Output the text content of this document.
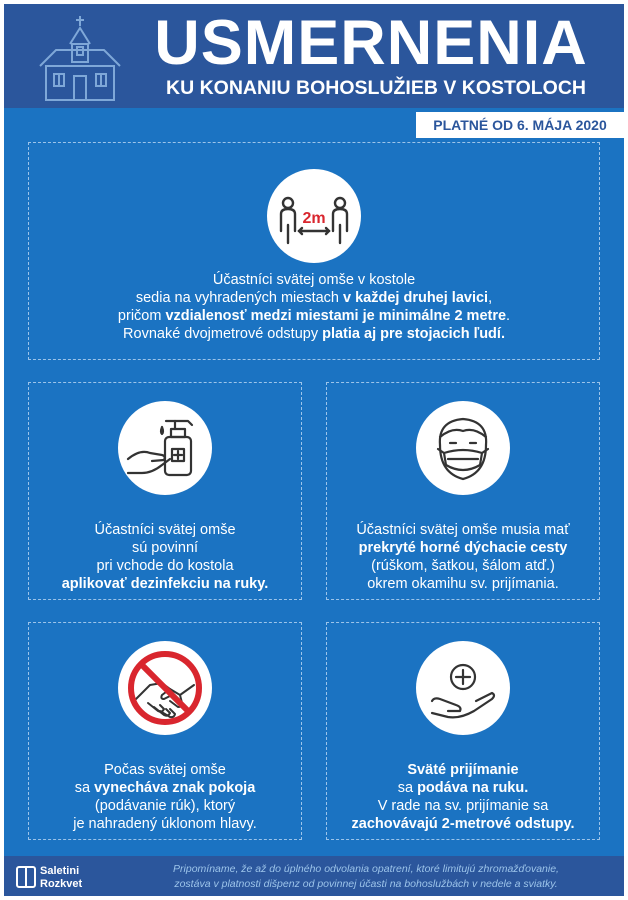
USMERNENIA
KU KONANIU BOHOSLUŽIEB V KOSTOLOCH
PLATNÉ OD 6. MÁJA 2020
2m
Účastníci svätej omše v kostole
sedia na vyhradených miestach v každej druhej lavici,
pričom vzdialenosť medzi miestami je minimálne 2 metre.
Rovnaké dvojmetrové odstupy platia aj pre stojacich ľudí.
Účastníci svätej omše
sú povinní
pri vchode do kostola
aplikovať dezinfekciu na ruky.
Účastníci svätej omše musia mať
prekryté horné dýchacie cesty
(rúškom, šatkou, šálom atď.)
okrem okamihu sv. prijímania.
Počas svätej omše
sa vynecháva znak pokoja
(podávanie rúk), ktorý
je nahradený úklonom hlavy.
Sväté prijímanie
sa podáva na ruku.
V rade na sv. prijímanie sa
zachovávajú 2-metrové odstupy.
Saletini
Rozkvet
Pripomíname, že až do úplného odvolania opatrení, ktoré limitujú zhromažďovanie,
zostáva v platnosti dišpenz od povinnej účasti na bohoslužbách v nedele a sviatky.
